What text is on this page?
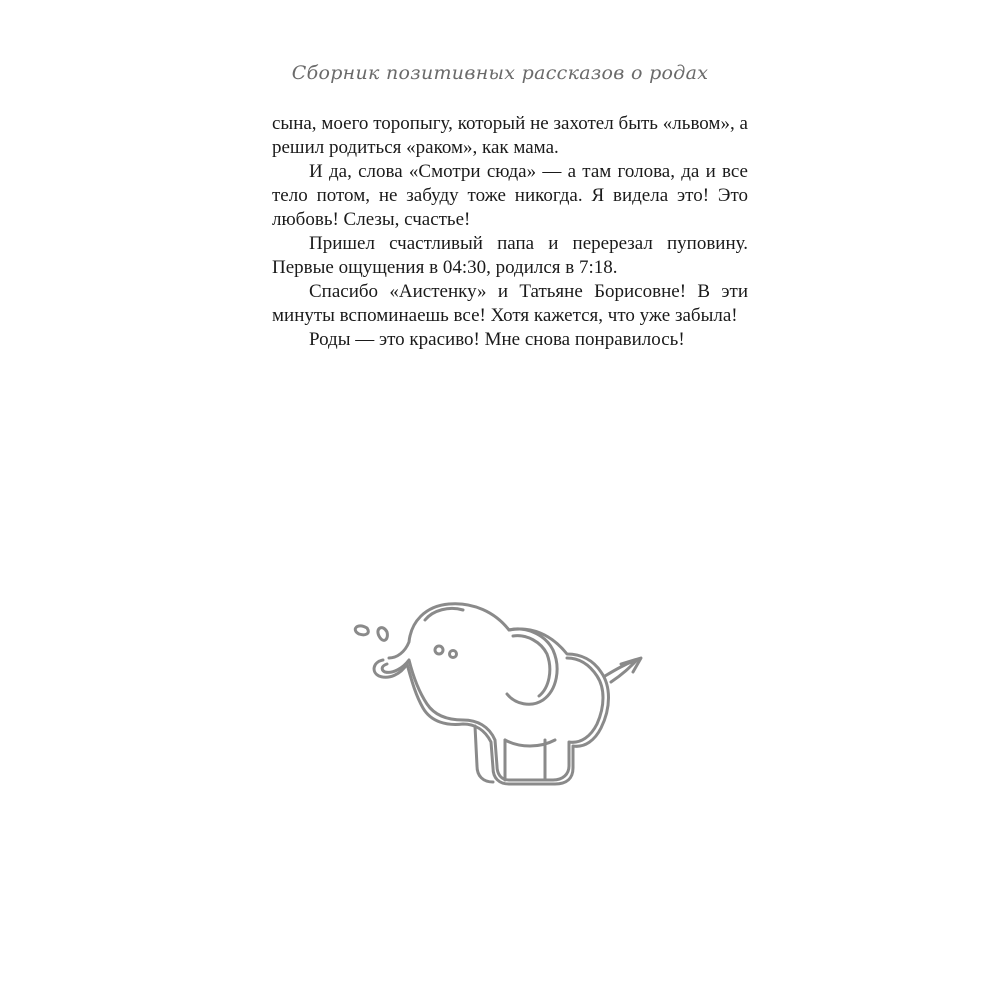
Сборник позитивных рассказов о родах

сына, моего торопыгу, который не захотел быть «львом», а решил родиться «раком», как мама.

И да, слова «Смотри сюда» — а там голова, да и все тело потом, не забуду тоже никогда. Я видела это! Это любовь! Слезы, счастье!

Пришел счастливый папа и перерезал пуповину. Первые ощущения в 04:30, родился в 7:18.

Спасибо «Аистенку» и Татьяне Борисовне! В эти минуты вспоминаешь все! Хотя кажется, что уже забыла!

Роды — это красиво! Мне снова понравилось!
